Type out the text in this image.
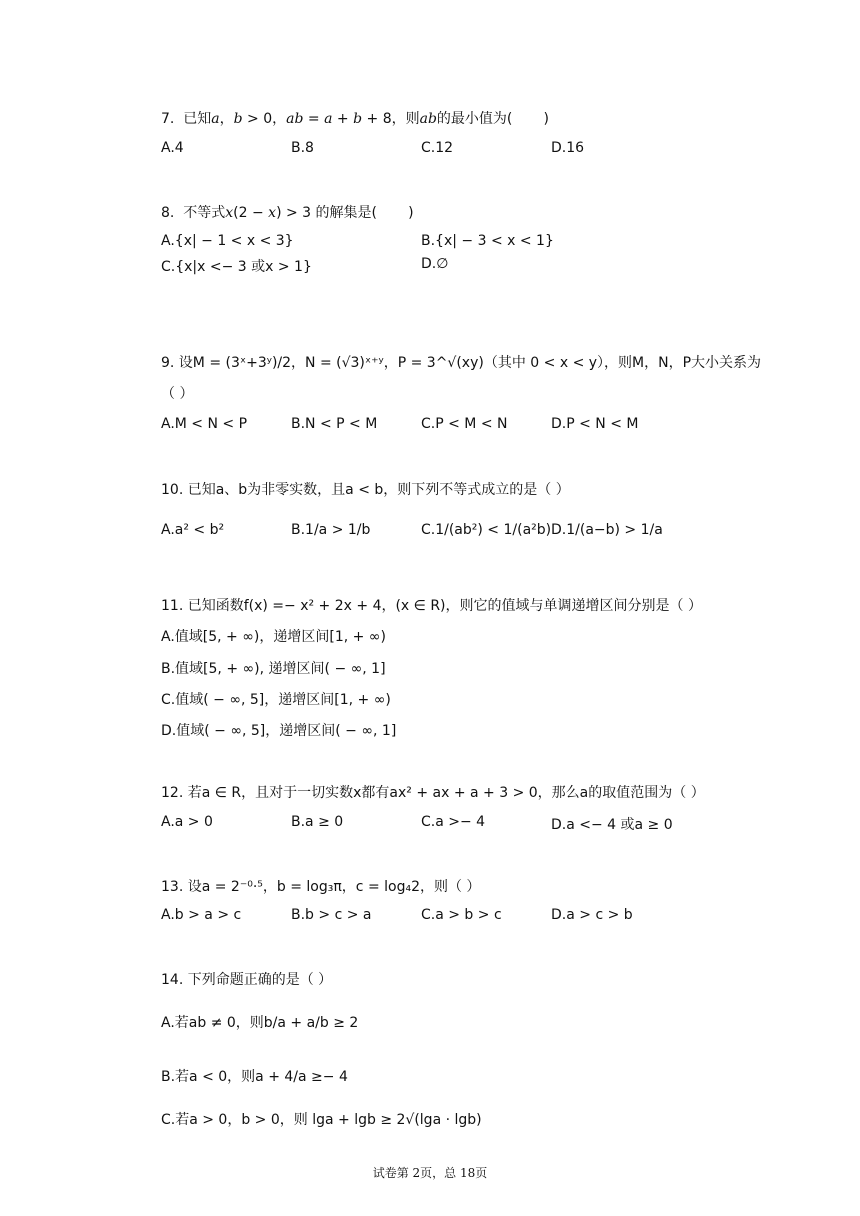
7.  已知a，b > 0，ab = a + b + 8，则ab的最小值为(       )
A.4	B.8	C.12	D.16
8.  不等式x(2 − x) > 3 的解集是(       )
A.{x| − 1 < x < 3}	B.{x| − 3 < x < 1}
C.{x|x <− 3 或x > 1}	D.∅
9. 设M = (3ˣ+3ʸ)/2，N = (√3)ˣ⁺ʸ，P = 3^√(xy)（其中 0 < x < y），则M，N，P大小关系为
（ ）
A.M < N < P	B.N < P < M	C.P < M < N	D.P < N < M
10. 已知a、b为非零实数，且a < b，则下列不等式成立的是（ ）
A.a² < b²	B.1/a > 1/b	C.1/(ab²) < 1/(a²b) D.1/(a−b) > 1/a
11. 已知函数f(x) =− x² + 2x + 4，(x ∈ R)，则它的值域与单调递增区间分别是（ ）
A.值域[5, + ∞)，递增区间[1, + ∞)
B.值域[5, + ∞), 递增区间( − ∞, 1]
C.值域( − ∞, 5]，递增区间[1, + ∞)
D.值域( − ∞, 5]，递增区间( − ∞, 1]
12. 若a ∈ R，且对于一切实数x都有ax² + ax + a + 3 > 0，那么a的取值范围为（ ）
A.a > 0	B.a ≥ 0	C.a >− 4	D.a <− 4 或a ≥ 0
13. 设a = 2⁻⁰·⁵，b = log₃π，c = log₄2，则（ ）
A.b > a > c	B.b > c > a	C.a > b > c	D.a > c > b
14. 下列命题正确的是（ ）
A.若ab ≠ 0，则b/a + a/b ≥ 2
B.若a < 0，则a + 4/a ≥− 4
C.若a > 0，b > 0，则 lga + lgb ≥ 2√(lga · lgb)
试卷第 2页，总 18页
